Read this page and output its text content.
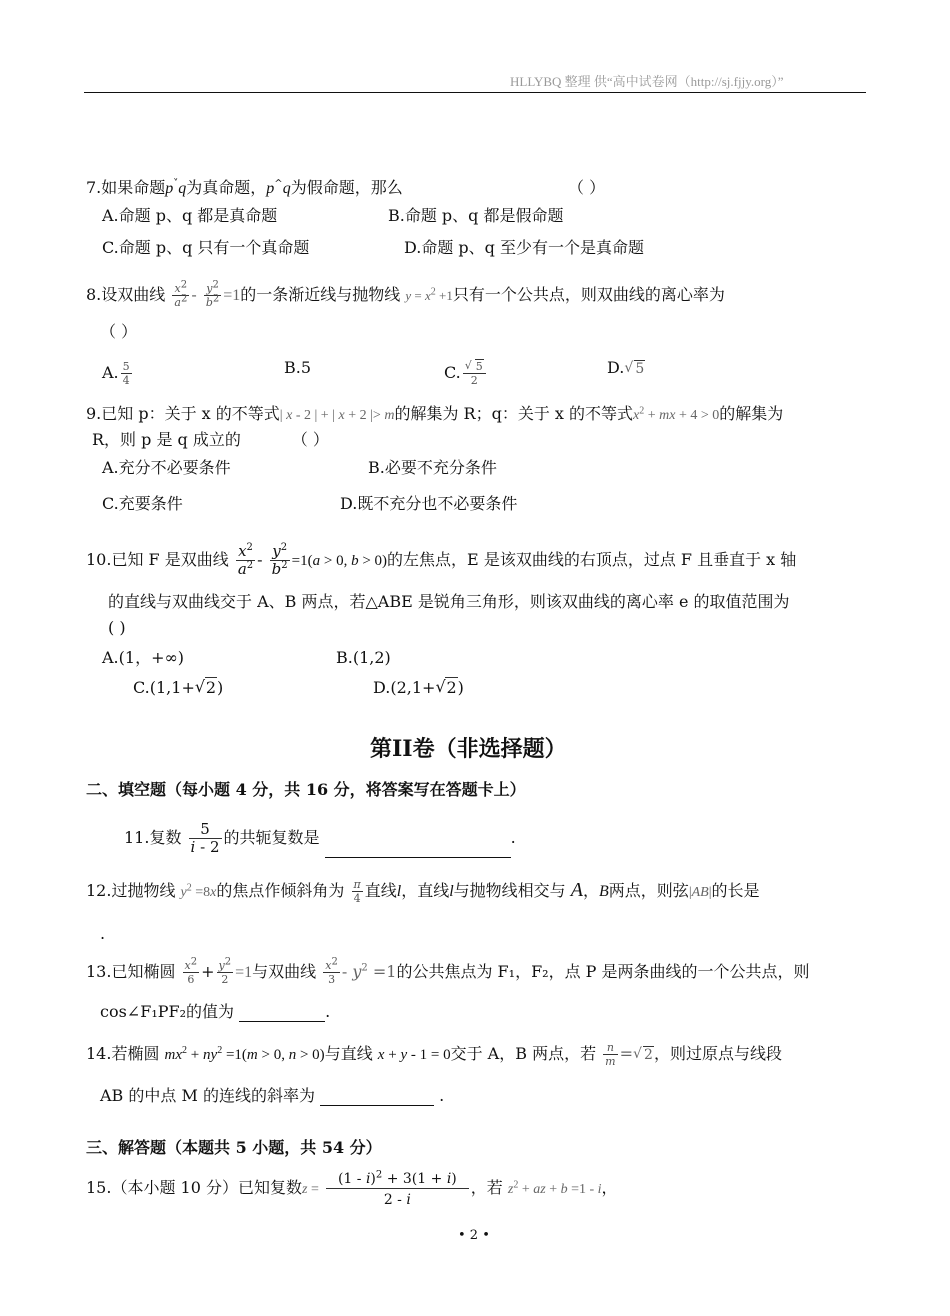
HLLYBQ 整理 供“高中试卷网（http://sj.fjjy.org）”
7.如果命题p˅q为真命题，p^q为假命题，那么	（ ）
A.命题 p、q 都是真命题	B.命题 p、q 都是假命题
C.命题 p、q 只有一个真命题	D.命题 p、q 至少有一个是真命题
8.设双曲线 $\frac{x^2}{a^2} - \frac{y^2}{b^2} =1$的一条渐近线与抛物线 $y = x^2 +1$只有一个公共点，则双曲线的离心率为
（ ）
A. $\frac{5}{4}$	B.5	C. √ $\frac{5}{2}$	D. √ 5
9.已知 p：关于 x 的不等式| x - 2 | + | x + 2 |> m的解集为 R；q：关于 x 的不等式$x^2$ + mx + 4 > 0的解集为
R，则 p 是 q 成立的	（ ）
A.充分不必要条件	B.必要不充分条件
C.充要条件	D.既不充分也不必要条件
10.已知 F 是双曲线 $\frac{x^2}{a^2} - \frac{y^2}{b^2} =1(a > 0$, b > 0)的左焦点，E 是该双曲线的右顶点，过点 F 且垂直于 x 轴
的直线与双曲线交于 A、B 两点，若△ABE 是锐角三角形，则该双曲线的离心率 e 的取值范围为
( )
A.(1，+∞)	B.(1,2)
C.(1,1+ √ 2)	D.(2,1+ √ 2)
第II卷（非选择题）
二、填空题（每小题 4 分，共 16 分，将答案写在答题卡上）
11.复数 $\frac{5}{i - 2}$ 的共轭复数是	.
12.过抛物线 $y^2 =8x$的焦点作倾斜角为 $\frac{\pi}{4}$ 直线l，直线l与抛物线相交与 A，B两点，则弦|AB|的长是
.
13.已知椭圆 $\frac{x^2}{6} + \frac{y^2}{2} =1$与双曲线 $\frac{x^2}{3} - y^2 =1$的公共焦点为 F₁，F₂，点 P 是两条曲线的一个公共点，则
cos∠F₁PF₂的值为	.
14.若椭圆 $mx^2 + ny^2 =1(m > 0$, n > 0)与直线 x + y - 1 = 0交于 A，B 两点，若 $\frac{n}{m}$ = √ 2，则过原点与线段
AB 的中点 M 的连线的斜率为	.
三、解答题（本题共 5 小题，共 54 分）
15.（本小题 10 分）已知复数$z = \frac{(1 - i)^2 + 3(1 + i)}{2 - i}$ ，若 $z^2$ + az + b =1 - i，
• 2 •
